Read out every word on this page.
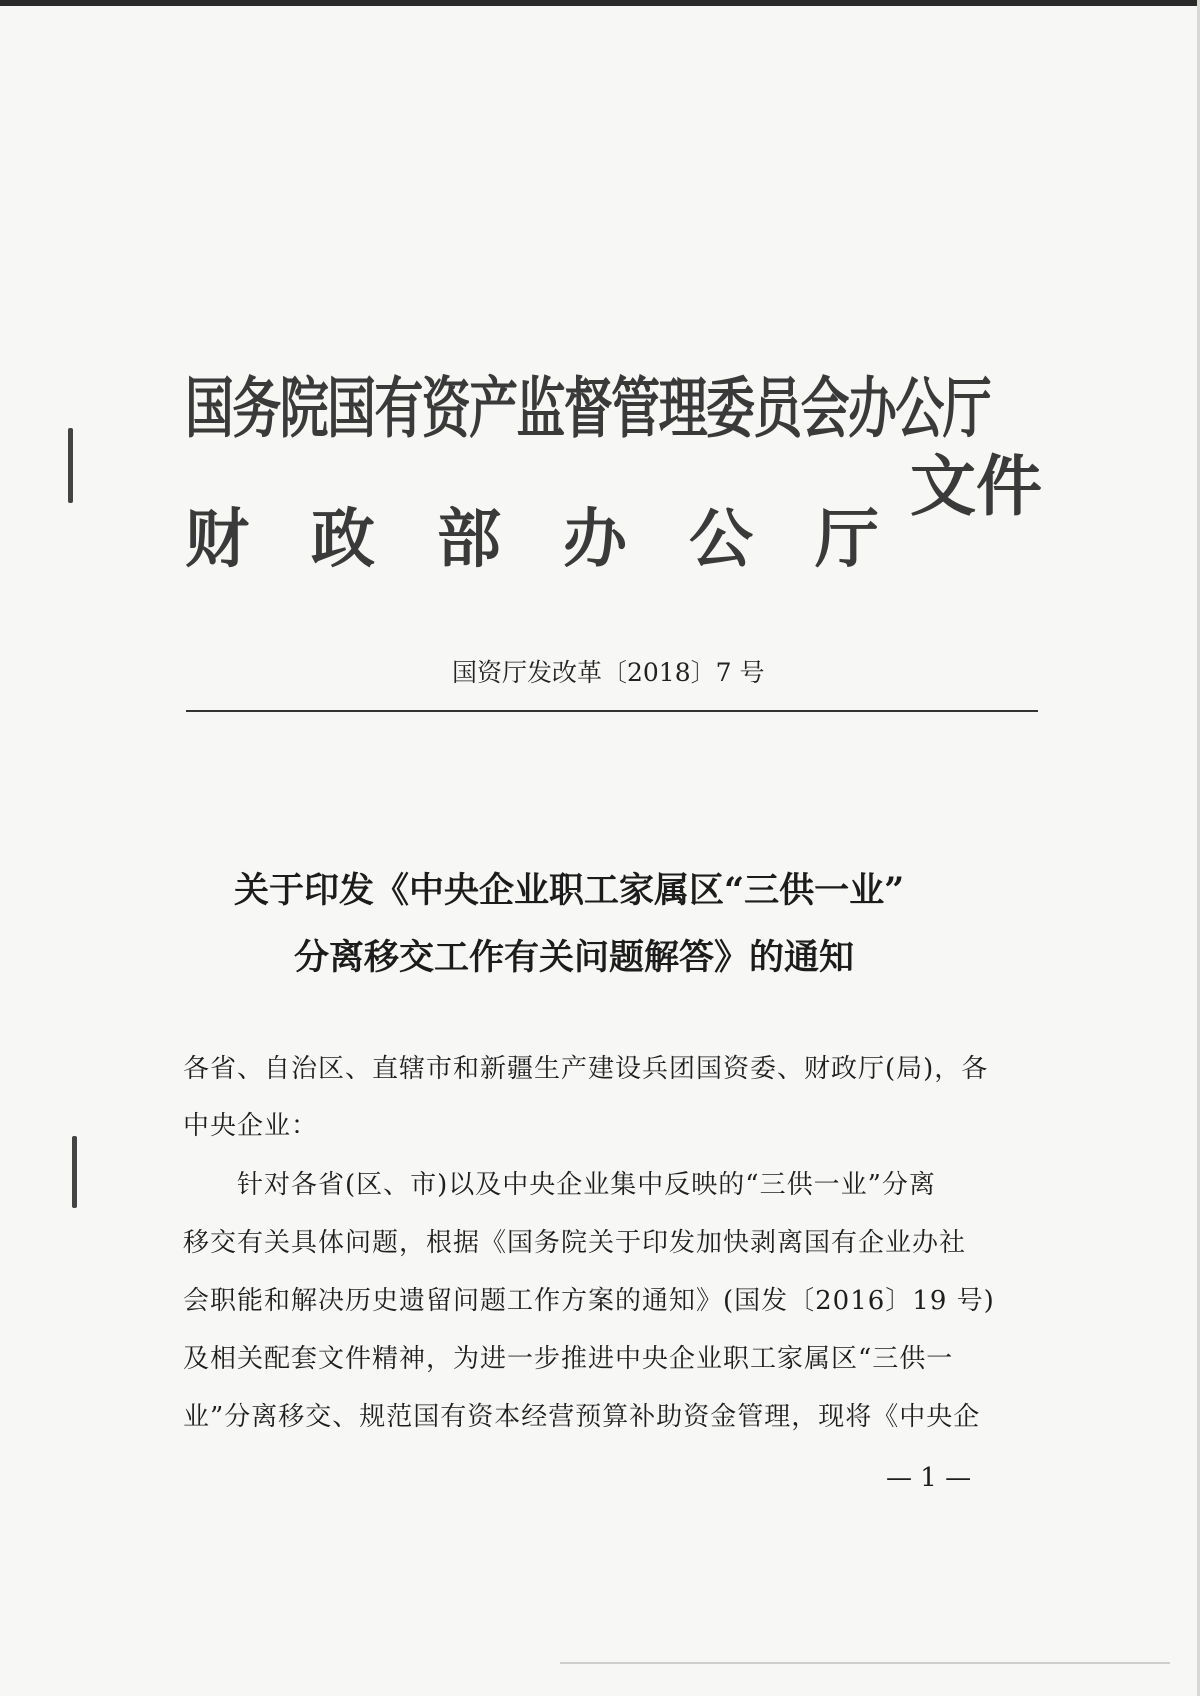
国务院国有资产监督管理委员会办公厅
财政部办公厅
文件
国资厅发改革〔2018〕7 号
关于印发《中央企业职工家属区“三供一业”
分离移交工作有关问题解答》的通知
各省、自治区、直辖市和新疆生产建设兵团国资委、财政厅(局)，各
中央企业：
　　针对各省(区、市)以及中央企业集中反映的“三供一业”分离
移交有关具体问题，根据《国务院关于印发加快剥离国有企业办社
会职能和解决历史遗留问题工作方案的通知》(国发〔2016〕19 号)
及相关配套文件精神，为进一步推进中央企业职工家属区“三供一
业”分离移交、规范国有资本经营预算补助资金管理，现将《中央企
— 1 —
